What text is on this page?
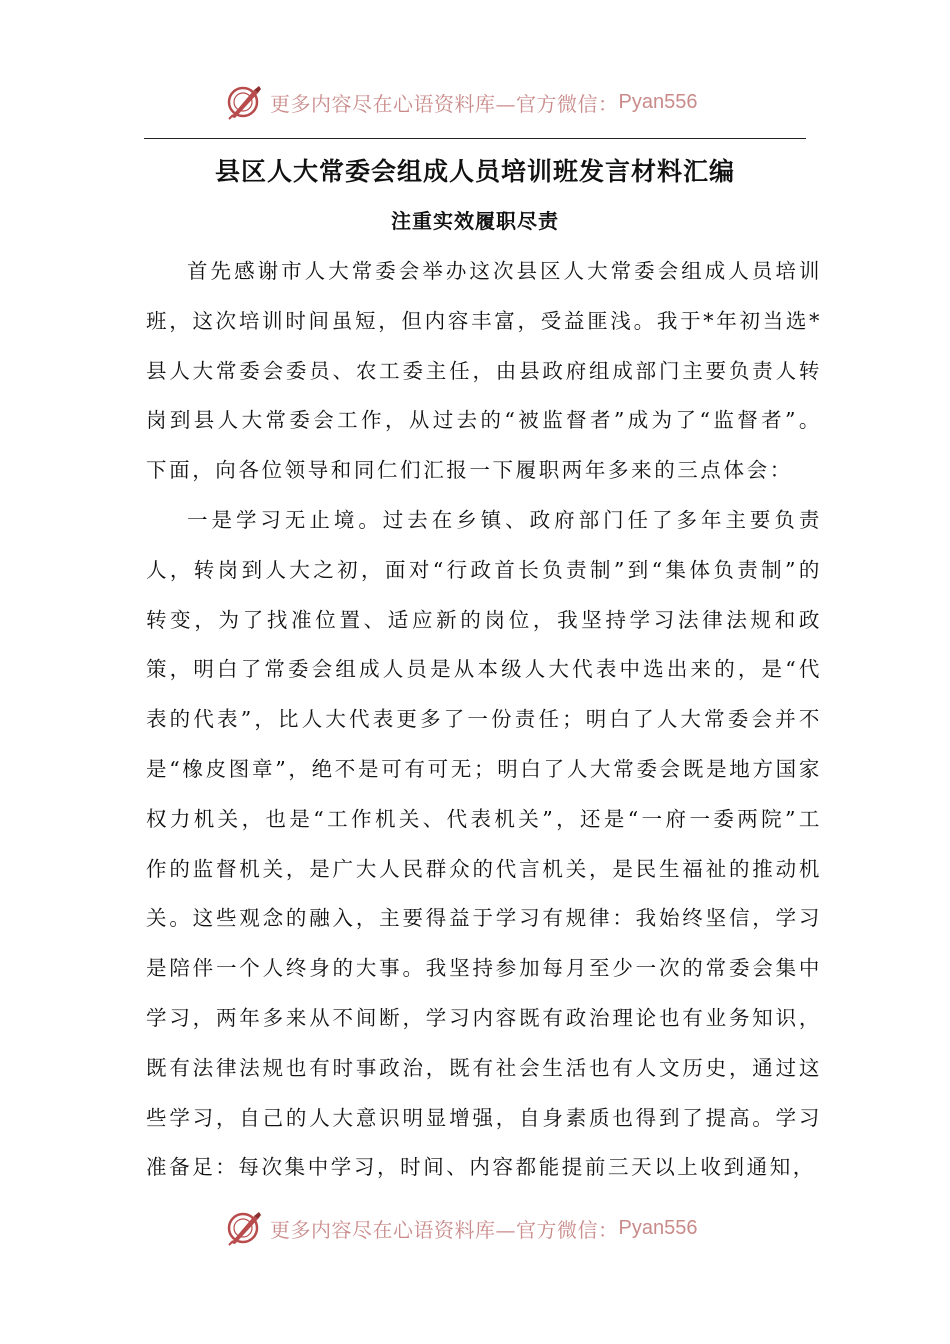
更多内容尽在心语资料库—官方微信： Pyan556
县区人大常委会组成人员培训班发言材料汇编
注重实效履职尽责

首先感谢市人大常委会举办这次县区人大常委会组成人员培训班，这次培训时间虽短，但内容丰富，受益匪浅。我于*年初当选*县人大常委会委员、农工委主任，由县政府组成部门主要负责人转岗到县人大常委会工作，从过去的“被监督者”成为了“监督者”。下面，向各位领导和同仁们汇报一下履职两年多来的三点体会：

一是学习无止境。过去在乡镇、政府部门任了多年主要负责人，转岗到人大之初，面对“行政首长负责制”到“集体负责制”的转变，为了找准位置、适应新的岗位，我坚持学习法律法规和政策，明白了常委会组成人员是从本级人大代表中选出来的，是“代表的代表”，比人大代表更多了一份责任；明白了人大常委会并不是“橡皮图章”，绝不是可有可无；明白了人大常委会既是地方国家权力机关，也是“工作机关、代表机关”，还是“一府一委两院”工作的监督机关，是广大人民群众的代言机关，是民生福祉的推动机关。这些观念的融入，主要得益于学习有规律：我始终坚信，学习是陪伴一个人终身的大事。我坚持参加每月至少一次的常委会集中学习，两年多来从不间断，学习内容既有政治理论也有业务知识，既有法律法规也有时事政治，既有社会生活也有人文历史，通过这些学习，自己的人大意识明显增强，自身素质也得到了提高。学习准备足：每次集中学习，时间、内容都能提前三天以上收到通知，

更多内容尽在心语资料库—官方微信： Pyan556
